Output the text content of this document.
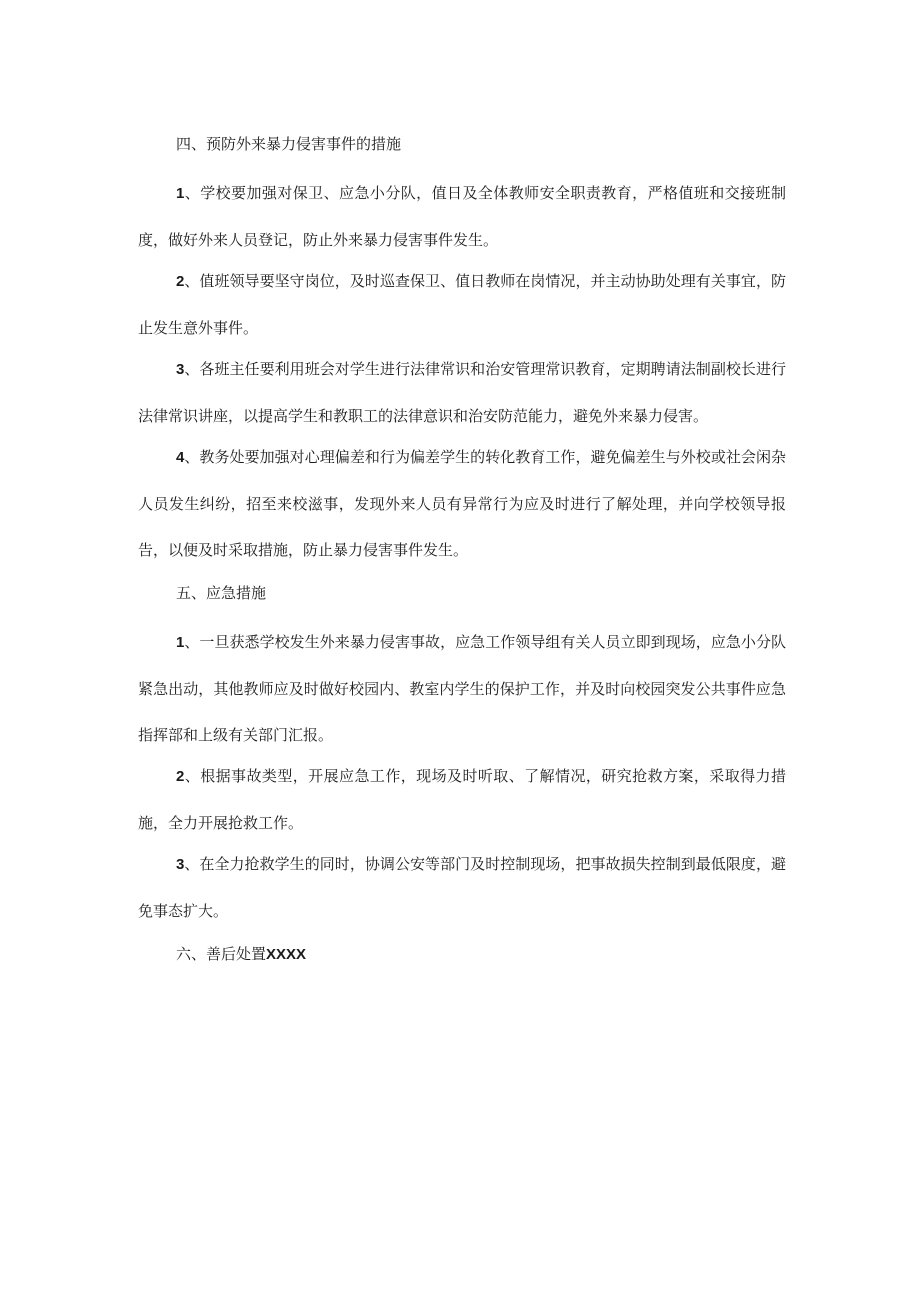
四、预防外来暴力侵害事件的措施

1、学校要加强对保卫、应急小分队，值日及全体教师安全职责教育，严格值班和交接班制度，做好外来人员登记，防止外来暴力侵害事件发生。

2、值班领导要坚守岗位，及时巡查保卫、值日教师在岗情况，并主动协助处理有关事宜，防止发生意外事件。

3、各班主任要利用班会对学生进行法律常识和治安管理常识教育，定期聘请法制副校长进行法律常识讲座，以提高学生和教职工的法律意识和治安防范能力，避免外来暴力侵害。

4、教务处要加强对心理偏差和行为偏差学生的转化教育工作，避免偏差生与外校或社会闲杂人员发生纠纷，招至来校滋事，发现外来人员有异常行为应及时进行了解处理，并向学校领导报告，以便及时采取措施，防止暴力侵害事件发生。

五、应急措施

1、一旦获悉学校发生外来暴力侵害事故，应急工作领导组有关人员立即到现场，应急小分队紧急出动，其他教师应及时做好校园内、教室内学生的保护工作，并及时向校园突发公共事件应急指挥部和上级有关部门汇报。

2、根据事故类型，开展应急工作，现场及时听取、了解情况，研究抢救方案，采取得力措施，全力开展抢救工作。

3、在全力抢救学生的同时，协调公安等部门及时控制现场，把事故损失控制到最低限度，避免事态扩大。

六、善后处置XXXX
